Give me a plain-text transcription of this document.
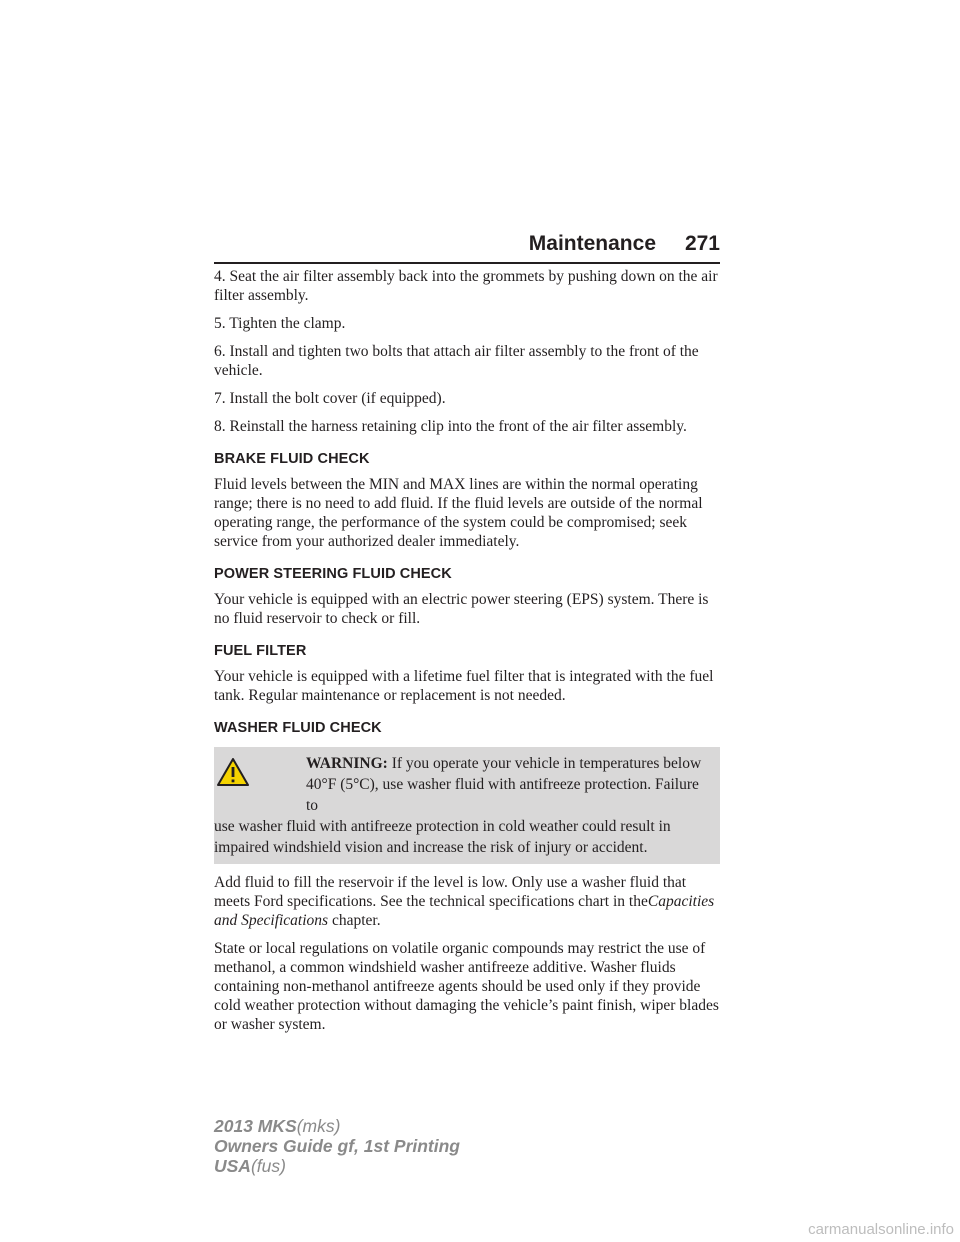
Maintenance 271

4. Seat the air filter assembly back into the grommets by pushing down on the air filter assembly.

5. Tighten the clamp.

6. Install and tighten two bolts that attach air filter assembly to the front of the vehicle.

7. Install the bolt cover (if equipped).

8. Reinstall the harness retaining clip into the front of the air filter assembly.

BRAKE FLUID CHECK

Fluid levels between the MIN and MAX lines are within the normal operating range; there is no need to add fluid. If the fluid levels are outside of the normal operating range, the performance of the system could be compromised; seek service from your authorized dealer immediately.

POWER STEERING FLUID CHECK

Your vehicle is equipped with an electric power steering (EPS) system. There is no fluid reservoir to check or fill.

FUEL FILTER

Your vehicle is equipped with a lifetime fuel filter that is integrated with the fuel tank. Regular maintenance or replacement is not needed.

WASHER FLUID CHECK
WARNING: If you operate your vehicle in temperatures below 40°F (5°C), use washer fluid with antifreeze protection. Failure to
use washer fluid with antifreeze protection in cold weather could result in impaired windshield vision and increase the risk of injury or accident.

Add fluid to fill the reservoir if the level is low. Only use a washer fluid that meets Ford specifications. See the technical specifications chart in theCapacities and Specifications chapter.

State or local regulations on volatile organic compounds may restrict the use of methanol, a common windshield washer antifreeze additive. Washer fluids containing non-methanol antifreeze agents should be used only if they provide cold weather protection without damaging the vehicle’s paint finish, wiper blades or washer system.

2013 MKS(mks)
Owners Guide gf, 1st Printing
USA(fus)
carmanualsonline.info
